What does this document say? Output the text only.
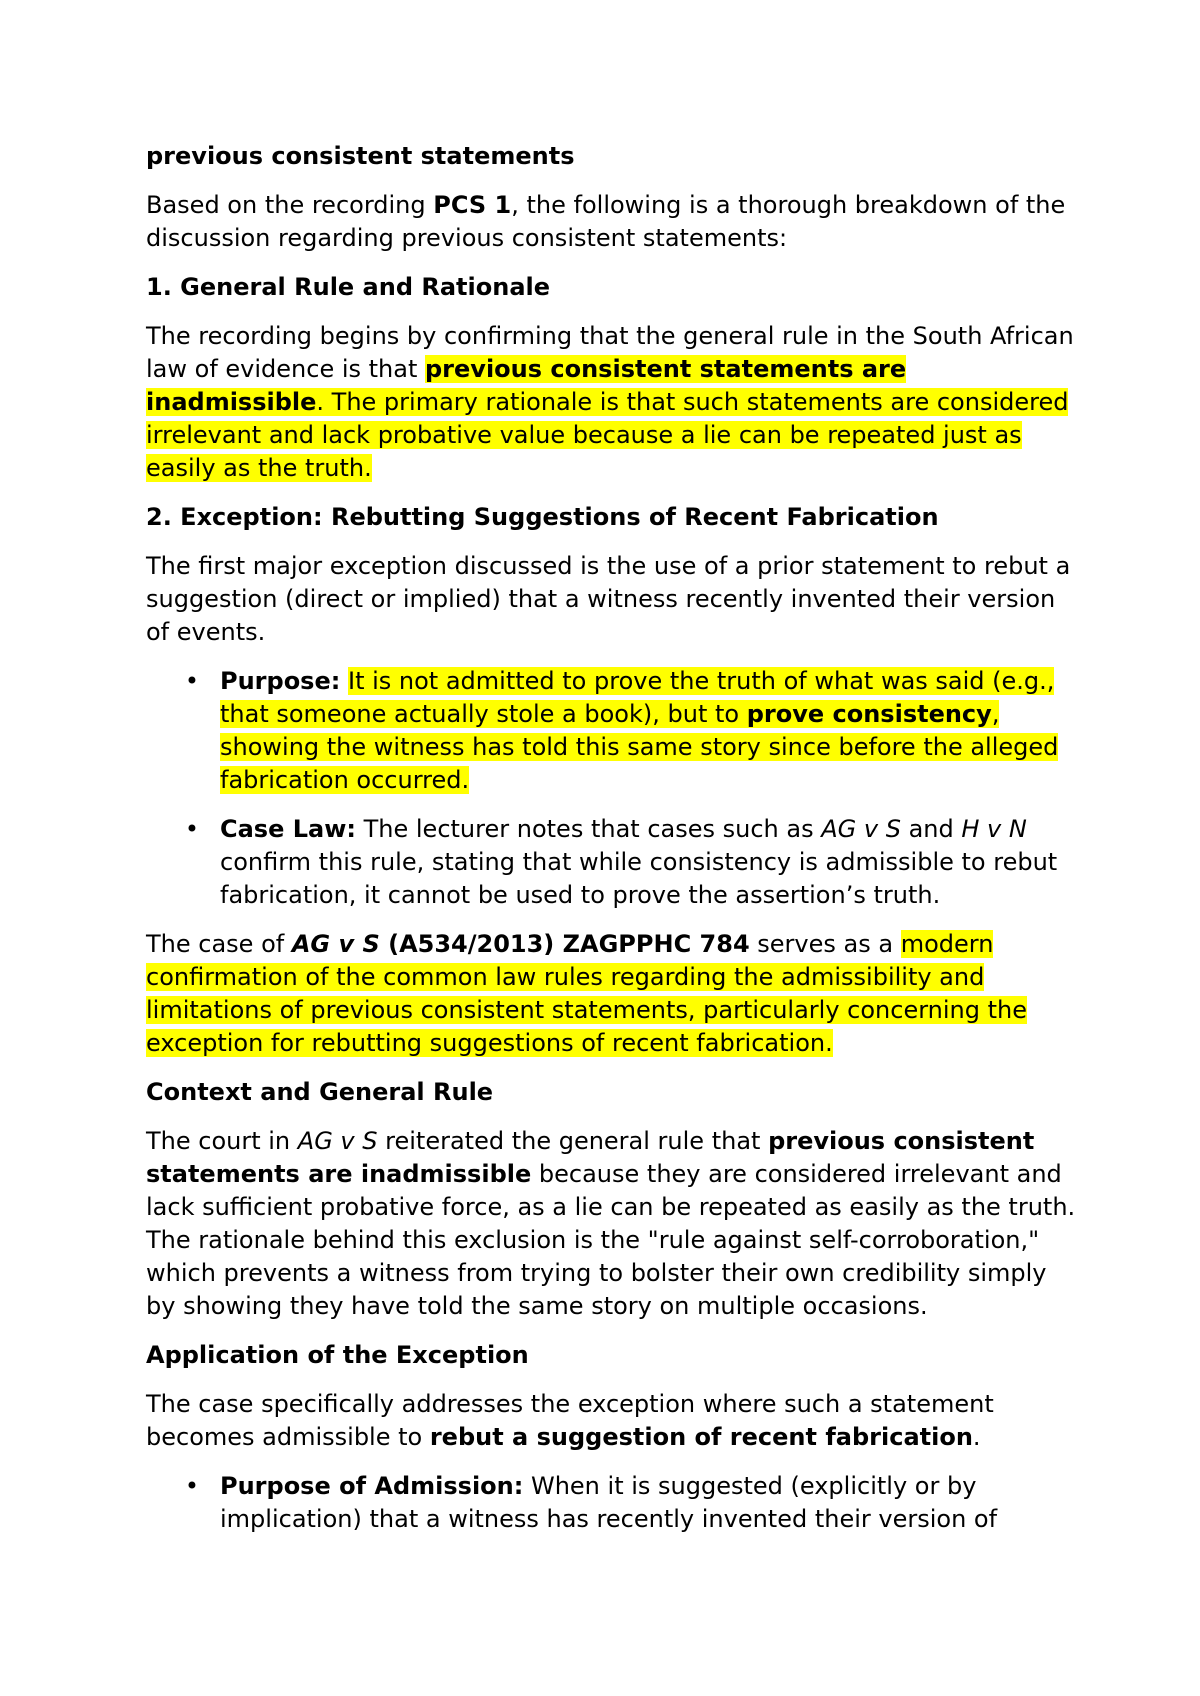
previous consistent statements

Based on the recording PCS 1, the following is a thorough breakdown of the discussion regarding previous consistent statements:

1. General Rule and Rationale

The recording begins by confirming that the general rule in the South African law of evidence is that previous consistent statements are inadmissible. The primary rationale is that such statements are considered irrelevant and lack probative value because a lie can be repeated just as easily as the truth.

2. Exception: Rebutting Suggestions of Recent Fabrication

The first major exception discussed is the use of a prior statement to rebut a suggestion (direct or implied) that a witness recently invented their version of events.

• Purpose: It is not admitted to prove the truth of what was said (e.g., that someone actually stole a book), but to prove consistency, showing the witness has told this same story since before the alleged fabrication occurred.
• Case Law: The lecturer notes that cases such as AG v S and H v N confirm this rule, stating that while consistency is admissible to rebut fabrication, it cannot be used to prove the assertion’s truth.

The case of AG v S (A534/2013) ZAGPPHC 784 serves as a modern confirmation of the common law rules regarding the admissibility and limitations of previous consistent statements, particularly concerning the exception for rebutting suggestions of recent fabrication.

Context and General Rule

The court in AG v S reiterated the general rule that previous consistent statements are inadmissible because they are considered irrelevant and lack sufficient probative force, as a lie can be repeated as easily as the truth. The rationale behind this exclusion is the "rule against self-corroboration," which prevents a witness from trying to bolster their own credibility simply by showing they have told the same story on multiple occasions.

Application of the Exception

The case specifically addresses the exception where such a statement becomes admissible to rebut a suggestion of recent fabrication.

• Purpose of Admission: When it is suggested (explicitly or by implication) that a witness has recently invented their version of
